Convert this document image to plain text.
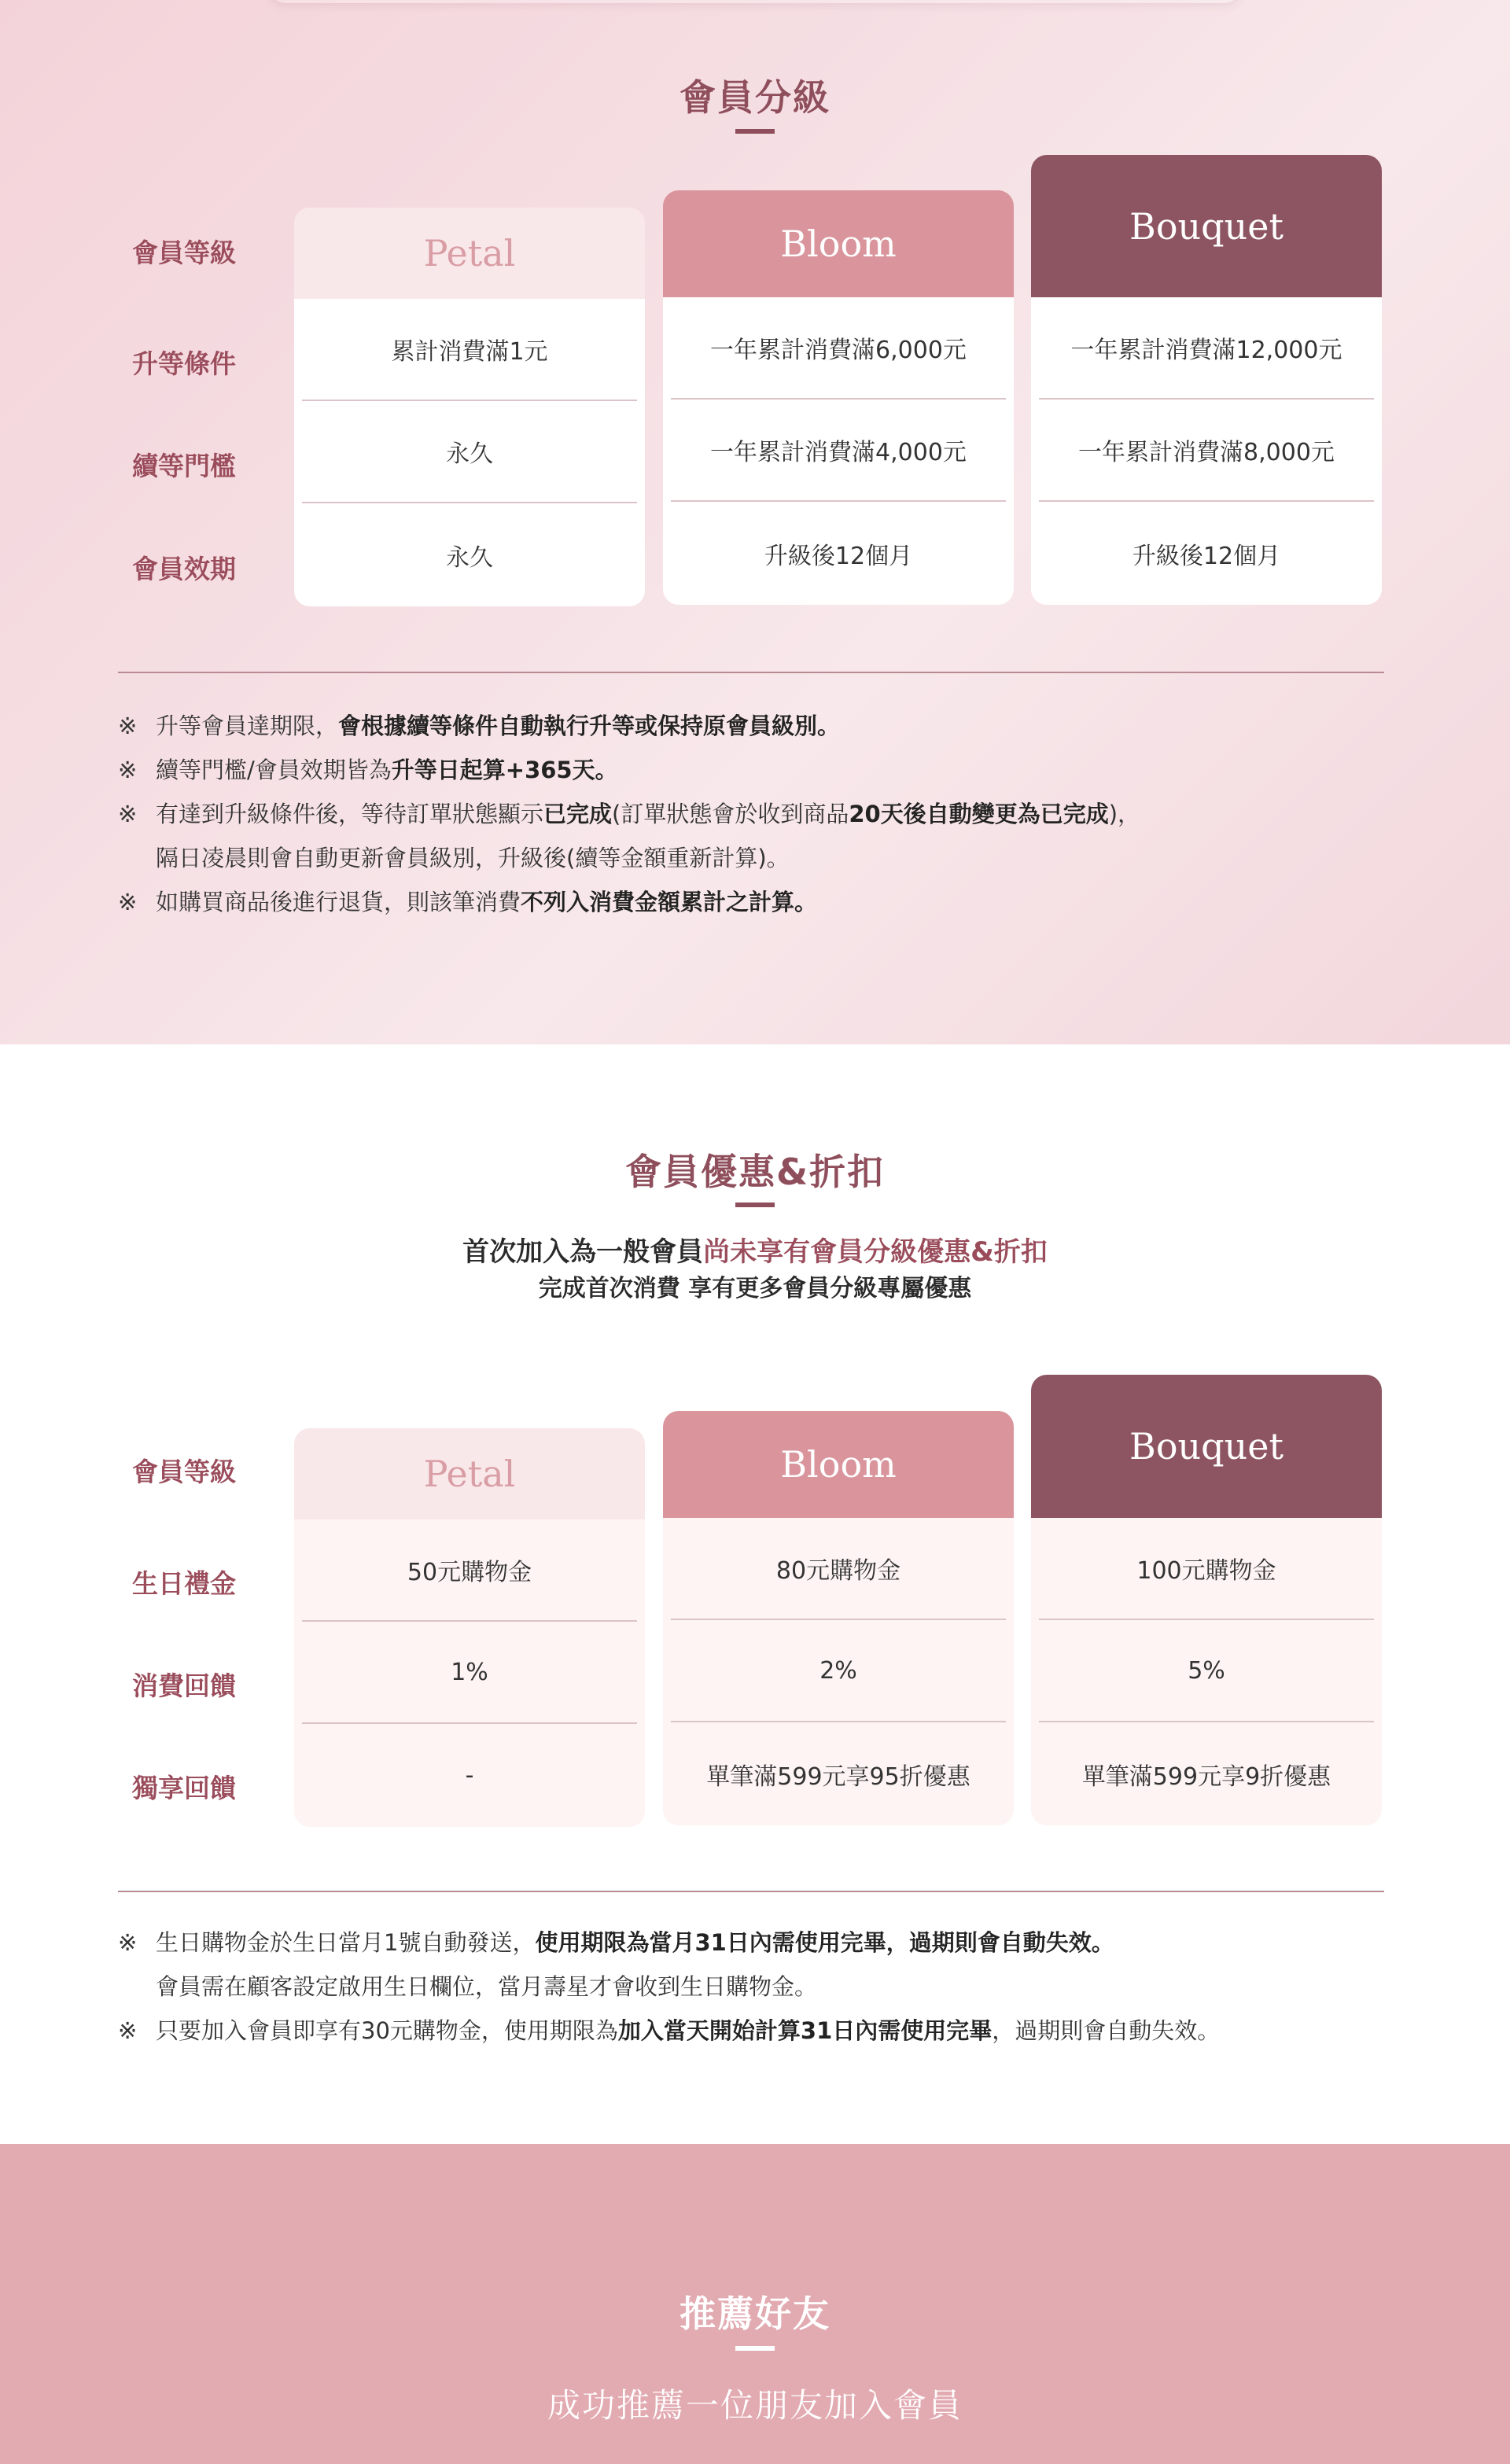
會員分級
會員等級
升等條件
續等門檻
會員效期
Petal
累計消費滿1元
永久
永久
Bloom
一年累計消費滿6,000元
一年累計消費滿4,000元
升級後12個月
Bouquet
一年累計消費滿12,000元
一年累計消費滿8,000元
升級後12個月
※ 升等會員達期限，會根據續等條件自動執行升等或保持原會員級別。
※ 續等門檻/會員效期皆為升等日起算+365天。
※ 有達到升級條件後，等待訂單狀態顯示已完成(訂單狀態會於收到商品20天後自動變更為已完成)，
隔日凌晨則會自動更新會員級別，升級後(續等金額重新計算)。
※ 如購買商品後進行退貨，則該筆消費不列入消費金額累計之計算。
會員優惠&折扣
首次加入為一般會員尚未享有會員分級優惠&折扣
完成首次消費 享有更多會員分級專屬優惠
會員等級
生日禮金
消費回饋
獨享回饋
Petal
50元購物金
1%
-
Bloom
80元購物金
2%
單筆滿599元享95折優惠
Bouquet
100元購物金
5%
單筆滿599元享9折優惠
※ 生日購物金於生日當月1號自動發送，使用期限為當月31日內需使用完畢，過期則會自動失效。
會員需在顧客設定啟用生日欄位，當月壽星才會收到生日購物金。
※ 只要加入會員即享有30元購物金，使用期限為加入當天開始計算31日內需使用完畢，過期則會自動失效。
推薦好友
成功推薦一位朋友加入會員
